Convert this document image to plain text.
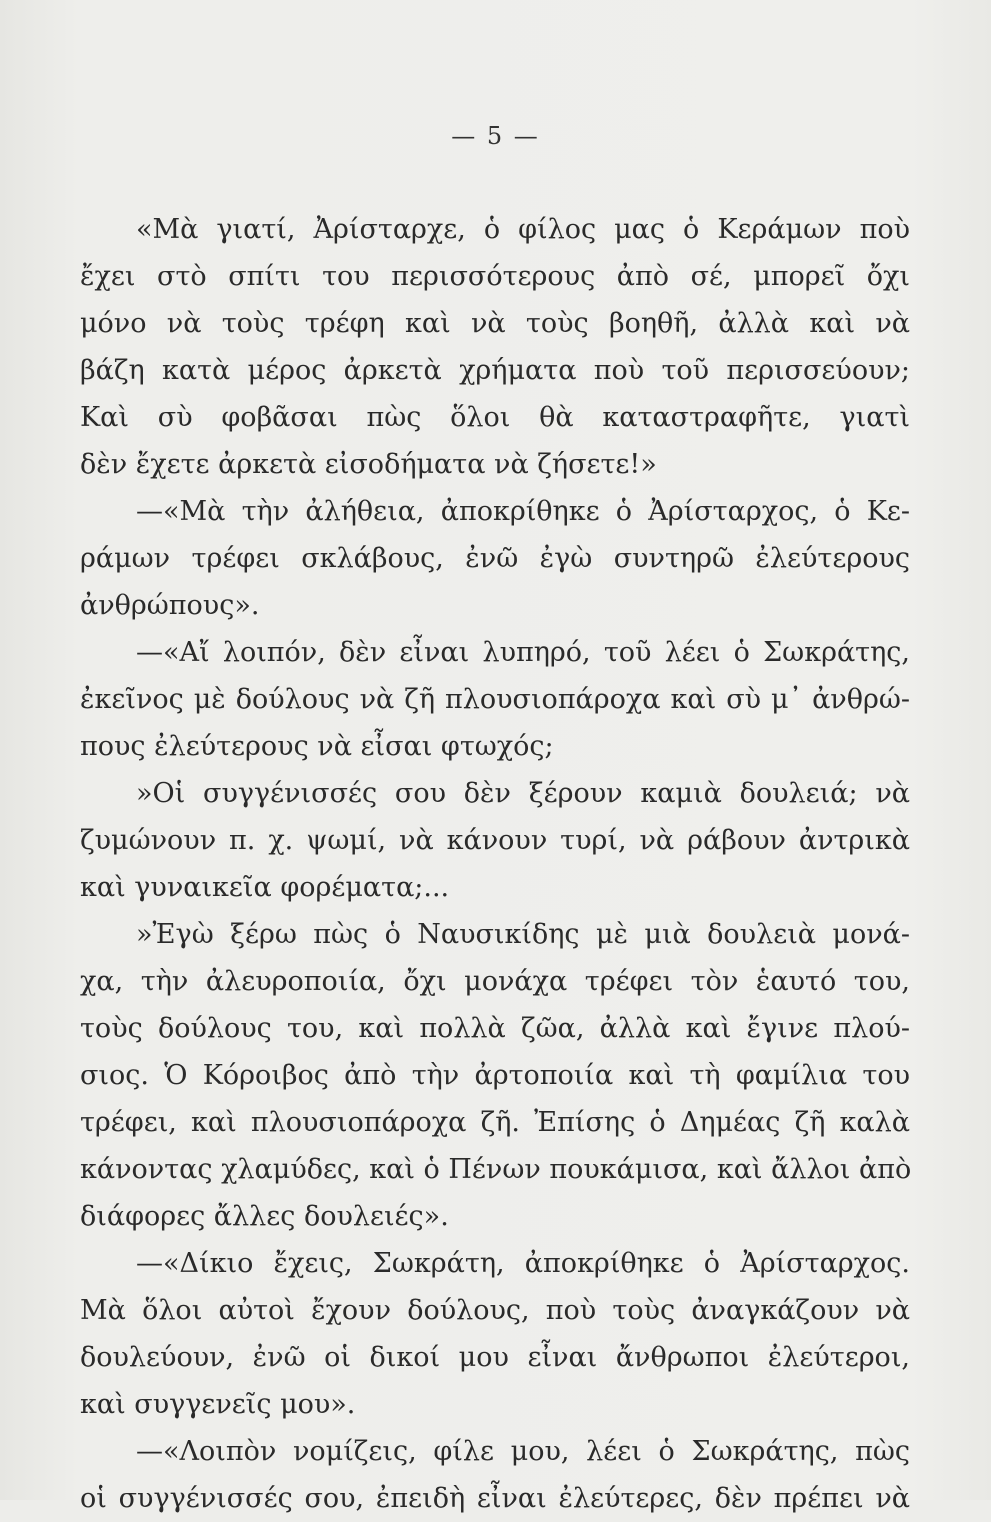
— 5 —
«Μὰ γιατί, Ἀρίσταρχε, ὁ φίλος μας ὁ Κεράμων ποὺ
ἔχει στὸ σπίτι του περισσότερους ἀπὸ σέ, μπορεῖ ὄχι
μόνο νὰ τοὺς τρέφη καὶ νὰ τοὺς βοηθῆ, ἀλλὰ καὶ νὰ
βάζη κατὰ μέρος ἀρκετὰ χρήματα ποὺ τοῦ περισσεύουν;
Καὶ σὺ φοβᾶσαι πὼς ὅλοι θὰ καταστραφῆτε, γιατὶ
δὲν ἔχετε ἀρκετὰ εἰσοδήματα νὰ ζήσετε!»
—«Μὰ τὴν ἀλήθεια, ἀποκρίθηκε ὁ Ἀρίσταρχος, ὁ Κε-
ράμων τρέφει σκλάβους, ἐνῶ ἐγὼ συντηρῶ ἐλεύτερους
ἀνθρώπους».
—«Αἴ λοιπόν, δὲν εἶναι λυπηρό, τοῦ λέει ὁ Σωκράτης,
ἐκεῖνος μὲ δούλους νὰ ζῆ πλουσιοπάροχα καὶ σὺ μ᾽ ἀνθρώ-
πους ἐλεύτερους νὰ εἶσαι φτωχός;
»Οἱ συγγένισσές σου δὲν ξέρουν καμιὰ δουλειά; νὰ
ζυμώνουν π. χ. ψωμί, νὰ κάνουν τυρί, νὰ ράβουν ἀντρικὰ
καὶ γυναικεῖα φορέματα;...
»Ἐγὼ ξέρω πὼς ὁ Ναυσικίδης μὲ μιὰ δουλειὰ μονά-
χα, τὴν ἀλευροποιία, ὄχι μονάχα τρέφει τὸν ἑαυτό του,
τοὺς δούλους του, καὶ πολλὰ ζῶα, ἀλλὰ καὶ ἔγινε πλού-
σιος. Ὁ Κόροιβος ἀπὸ τὴν ἀρτοποιία καὶ τὴ φαμίλια του
τρέφει, καὶ πλουσιοπάροχα ζῆ. Ἐπίσης ὁ Δημέας ζῆ καλὰ
κάνοντας χλαμύδες, καὶ ὁ Πένων πουκάμισα, καὶ ἄλλοι ἀπὸ
διάφορες ἄλλες δουλειές».
—«Δίκιο ἔχεις, Σωκράτη, ἀποκρίθηκε ὁ Ἀρίσταρχος.
Μὰ ὅλοι αὐτοὶ ἔχουν δούλους, ποὺ τοὺς ἀναγκάζουν νὰ
δουλεύουν, ἐνῶ οἱ δικοί μου εἶναι ἄνθρωποι ἐλεύτεροι,
καὶ συγγενεῖς μου».
—«Λοιπὸν νομίζεις, φίλε μου, λέει ὁ Σωκράτης, πὼς
οἱ συγγένισσές σου, ἐπειδὴ εἶναι ἐλεύτερες, δὲν πρέπει νὰ
